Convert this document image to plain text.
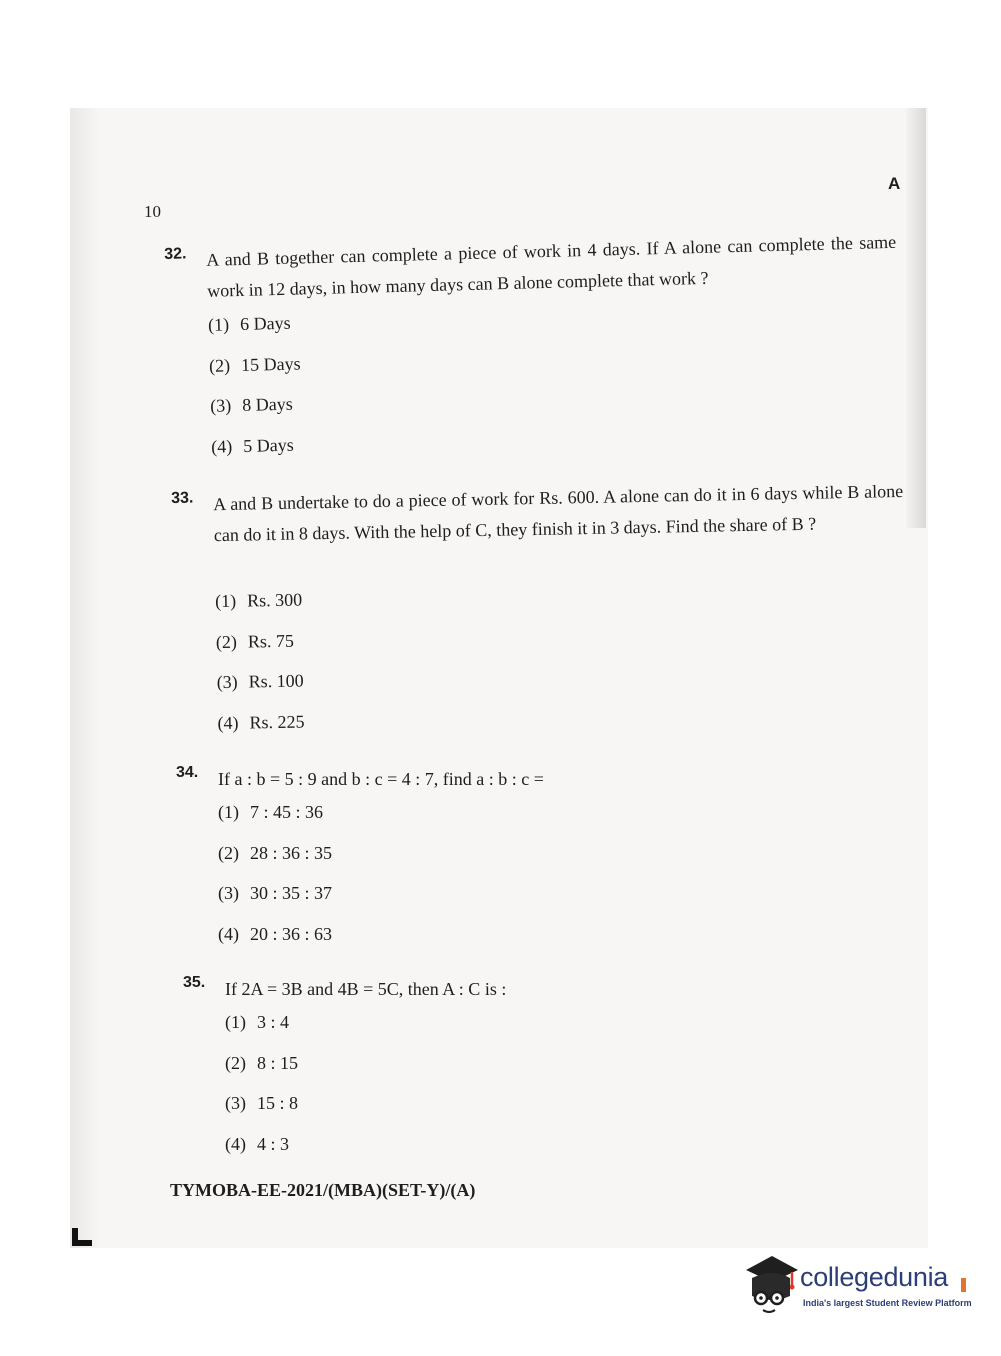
A
10
32. A and B together can complete a piece of work in 4 days. If A alone can complete the same work in 12 days, in how many days can B alone complete that work ?
(1) 6 Days
(2) 15 Days
(3) 8 Days
(4) 5 Days
33. A and B undertake to do a piece of work for Rs. 600. A alone can do it in 6 days while B alone can do it in 8 days. With the help of C, they finish it in 3 days. Find the share of B ?
(1) Rs. 300
(2) Rs. 75
(3) Rs. 100
(4) Rs. 225
34. If a : b = 5 : 9 and b : c = 4 : 7, find a : b : c =
(1) 7 : 45 : 36
(2) 28 : 36 : 35
(3) 30 : 35 : 37
(4) 20 : 36 : 63
35. If 2A = 3B and 4B = 5C, then A : C is :
(1) 3 : 4
(2) 8 : 15
(3) 15 : 8
(4) 4 : 3
TYMOBA-EE-2021/(MBA)(SET-Y)/(A)
collegedunia
India's largest Student Review Platform
